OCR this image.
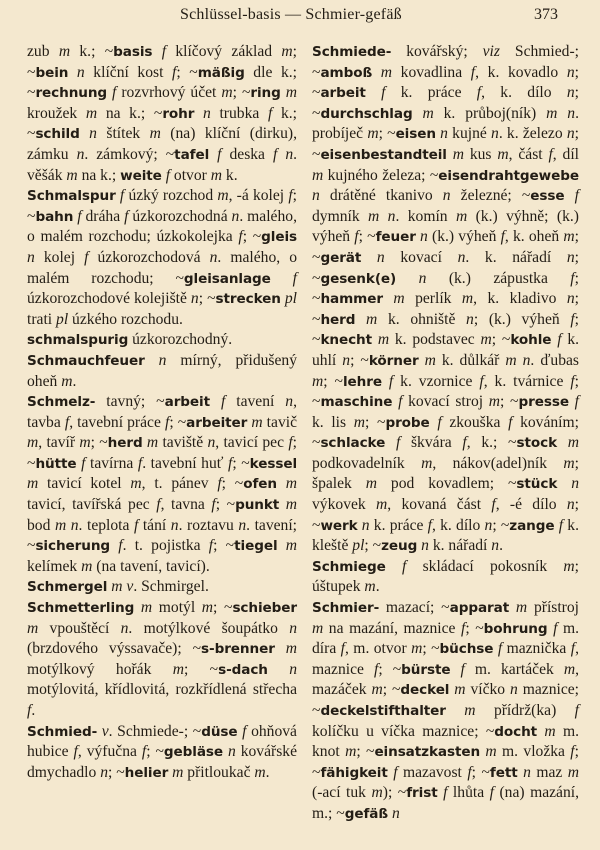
Schlüssel-basis — Schmier-gefäß	373

zub m k.; ~basis f klíčový základ m; ~bein n klíční kost f; ~mäßig dle k.; ~rechnung f rozvrhový účet m; ~ring m kroužek m na k.; ~rohr n trubka f k.; ~schild n štítek m (na) klíční (dirku), zámku n. zámkový; ~tafel f deska f n. věšák m na k.; weite f otvor m k.

Schmalspur f úzký rozchod m, -á kolej f; ~bahn f dráha f úzkorozchodná n. malého, o malém rozchodu; úzkokolejka f; ~gleis n kolej f úzkorozchodová n. malého, o malém rozchodu; ~gleisanlage f úzkorozchodové kolejiště n; ~strecken pl trati pl úzkého rozchodu.

schmalspurig úzkorozchodný.

Schmauchfeuer n mírný, přidušený oheň m.

Schmelz- tavný; ~arbeit f tavení n, tavba f, tavební práce f; ~arbeiter m tavič m, tavíř m; ~herd m taviště n, tavicí pec f; ~hütte f tavírna f. tavební huť f; ~kessel m tavicí kotel m, t. pánev f; ~ofen m tavicí, tavířská pec f, tavna f; ~punkt m bod m n. teplota f tání n. roztavu n. tavení; ~sicherung f. t. pojistka f; ~tiegel m kelímek m (na tavení, tavicí).

Schmergel m v. Schmirgel.

Schmetterling m motýl m; ~schieber m vpouštěcí n. motýlkové šoupátko n (brzdového výssavače); ~s-brenner m motýlkový hořák m; ~s-dach n motýlovitá, křídlovitá, rozkřídlená střecha f.

Schmied- v. Schmiede-; ~düse f ohňová hubice f, výfučna f; ~gebläse n kovářské dmychadlo n; ~helier m přitloukač m.

Schmiede- kovářský; viz Schmied-; ~amboß m kovadlina f, k. kovadlo n; ~arbeit f k. práce f, k. dílo n; ~durchschlag m k. průboj(ník) m n. probíječ m; ~eisen n kujné n. k. železo n; ~eisenbestandteil m kus m, část f, díl m kujného železa; ~eisendrahtgewebe n drátěné tkanivo n železné; ~esse f dymník m n. komín m (k.) výhně; (k.) výheň f; ~feuer n (k.) výheň f, k. oheň m; ~gerät n kovací n. k. nářadí n; ~gesenk(e) n (k.) zápustka f; ~hammer m perlík m, k. kladivo n; ~herd m k. ohniště n; (k.) výheň f; ~knecht m k. podstavec m; ~kohle f k. uhlí n; ~körner m k. důlkář m n. ďubas m; ~lehre f k. vzornice f, k. tvárnice f; ~maschine f kovací stroj m; ~presse f k. lis m; ~probe f zkouška f kováním; ~schlacke f škvára f, k.; ~stock m podkovadelník m, nákov(adel)ník m; špalek m pod kovadlem; ~stück n výkovek m, kovaná část f, -é dílo n; ~werk n k. práce f, k. dílo n; ~zange f k. kleště pl; ~zeug n k. nářadí n.

Schmiege f skládací pokosník m; úštupek m.

Schmier- mazací; ~apparat m přístroj m na mazání, maznice f; ~bohrung f m. díra f, m. otvor m; ~büchse f maznička f, maznice f; ~bürste f m. kartáček m, mazáček m; ~deckel m víčko n maznice; ~deckelstifthalter m přídrž(ka) f kolíčku u víčka maznice; ~docht m m. knot m; ~einsatzkasten m m. vložka f; ~fähigkeit f mazavost f; ~fett n maz m (-ací tuk m); ~frist f lhůta f (na) mazání, m.; ~gefäß n
